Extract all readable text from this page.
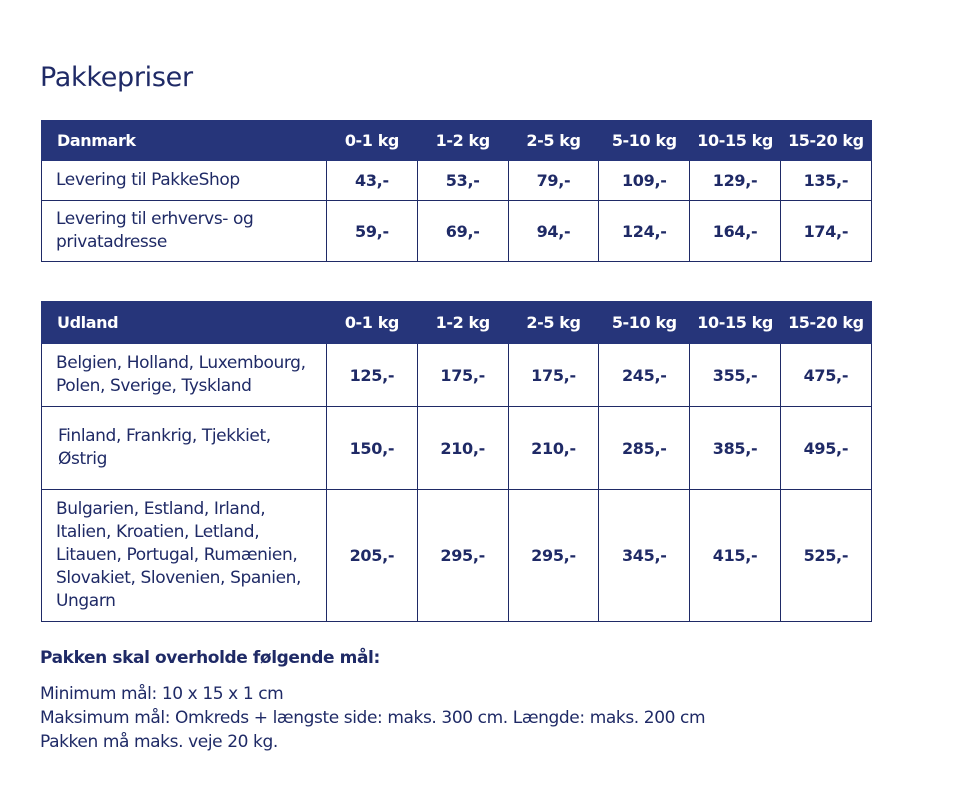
Pakkepriser
Danmark	0-1 kg	1-2 kg	2-5 kg	5-10 kg	10-15 kg	15-20 kg
Levering til PakkeShop	43,-	53,-	79,-	109,-	129,-	135,-
Levering til erhvervs- og
privatadresse	59,-	69,-	94,-	124,-	164,-	174,-
Udland	0-1 kg	1-2 kg	2-5 kg	5-10 kg	10-15 kg	15-20 kg
Belgien, Holland, Luxembourg,
Polen, Sverige, Tyskland	125,-	175,-	175,-	245,-	355,-	475,-
Finland, Frankrig, Tjekkiet,
Østrig	150,-	210,-	210,-	285,-	385,-	495,-
Bulgarien, Estland, Irland,
Italien, Kroatien, Letland,
Litauen, Portugal, Rumænien,
Slovakiet, Slovenien, Spanien,
Ungarn	205,-	295,-	295,-	345,-	415,-	525,-

Pakken skal overholde følgende mål:

Minimum mål: 10 x 15 x 1 cm
Maksimum mål: Omkreds + længste side: maks. 300 cm. Længde: maks. 200 cm
Pakken må maks. veje 20 kg.
